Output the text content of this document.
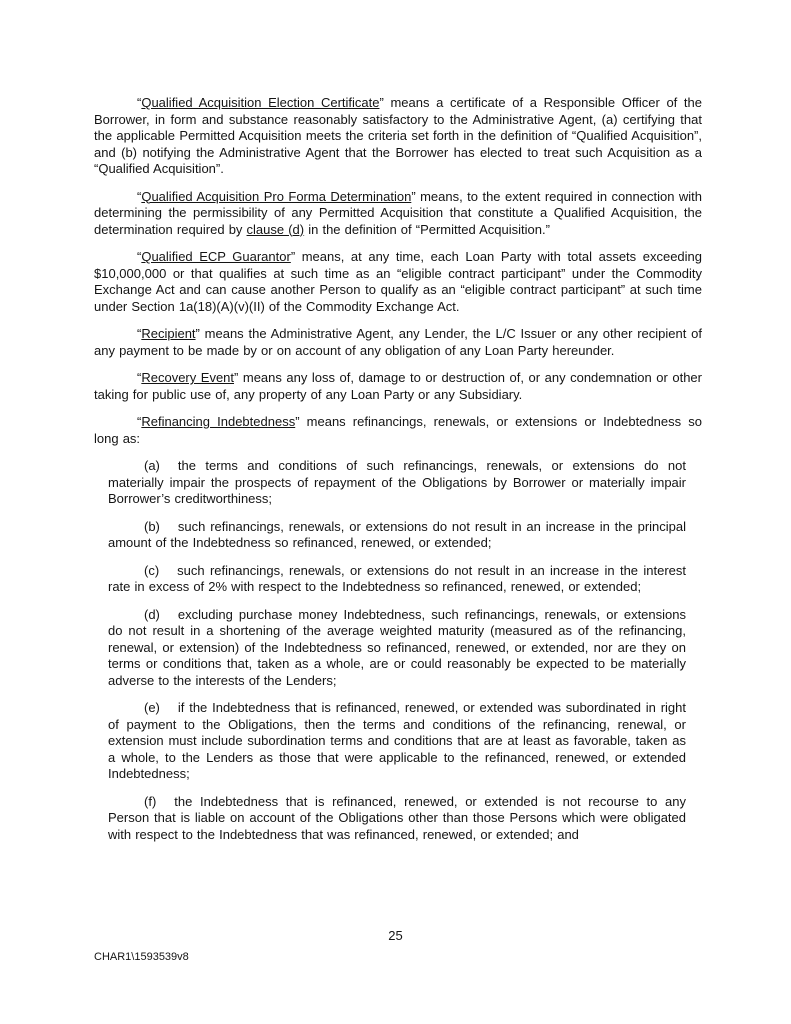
“Qualified Acquisition Election Certificate” means a certificate of a Responsible Officer of the Borrower, in form and substance reasonably satisfactory to the Administrative Agent, (a) certifying that the applicable Permitted Acquisition meets the criteria set forth in the definition of “Qualified Acquisition”, and (b) notifying the Administrative Agent that the Borrower has elected to treat such Acquisition as a “Qualified Acquisition”.

“Qualified Acquisition Pro Forma Determination” means, to the extent required in connection with determining the permissibility of any Permitted Acquisition that constitute a Qualified Acquisition, the determination required by clause (d) in the definition of “Permitted Acquisition.”

“Qualified ECP Guarantor” means, at any time, each Loan Party with total assets exceeding $10,000,000 or that qualifies at such time as an “eligible contract participant” under the Commodity Exchange Act and can cause another Person to qualify as an “eligible contract participant” at such time under Section 1a(18)(A)(v)(II) of the Commodity Exchange Act.

“Recipient” means the Administrative Agent, any Lender, the L/C Issuer or any other recipient of any payment to be made by or on account of any obligation of any Loan Party hereunder.

“Recovery Event” means any loss of, damage to or destruction of, or any condemnation or other taking for public use of, any property of any Loan Party or any Subsidiary.

“Refinancing Indebtedness” means refinancings, renewals, or extensions or Indebtedness so long as:

(a) the terms and conditions of such refinancings, renewals, or extensions do not materially impair the prospects of repayment of the Obligations by Borrower or materially impair Borrower’s creditworthiness;

(b) such refinancings, renewals, or extensions do not result in an increase in the principal amount of the Indebtedness so refinanced, renewed, or extended;

(c) such refinancings, renewals, or extensions do not result in an increase in the interest rate in excess of 2% with respect to the Indebtedness so refinanced, renewed, or extended;

(d) excluding purchase money Indebtedness, such refinancings, renewals, or extensions do not result in a shortening of the average weighted maturity (measured as of the refinancing, renewal, or extension) of the Indebtedness so refinanced, renewed, or extended, nor are they on terms or conditions that, taken as a whole, are or could reasonably be expected to be materially adverse to the interests of the Lenders;

(e) if the Indebtedness that is refinanced, renewed, or extended was subordinated in right of payment to the Obligations, then the terms and conditions of the refinancing, renewal, or extension must include subordination terms and conditions that are at least as favorable, taken as a whole, to the Lenders as those that were applicable to the refinanced, renewed, or extended Indebtedness;

(f) the Indebtedness that is refinanced, renewed, or extended is not recourse to any Person that is liable on account of the Obligations other than those Persons which were obligated with respect to the Indebtedness that was refinanced, renewed, or extended; and

25
CHAR1\1593539v8
